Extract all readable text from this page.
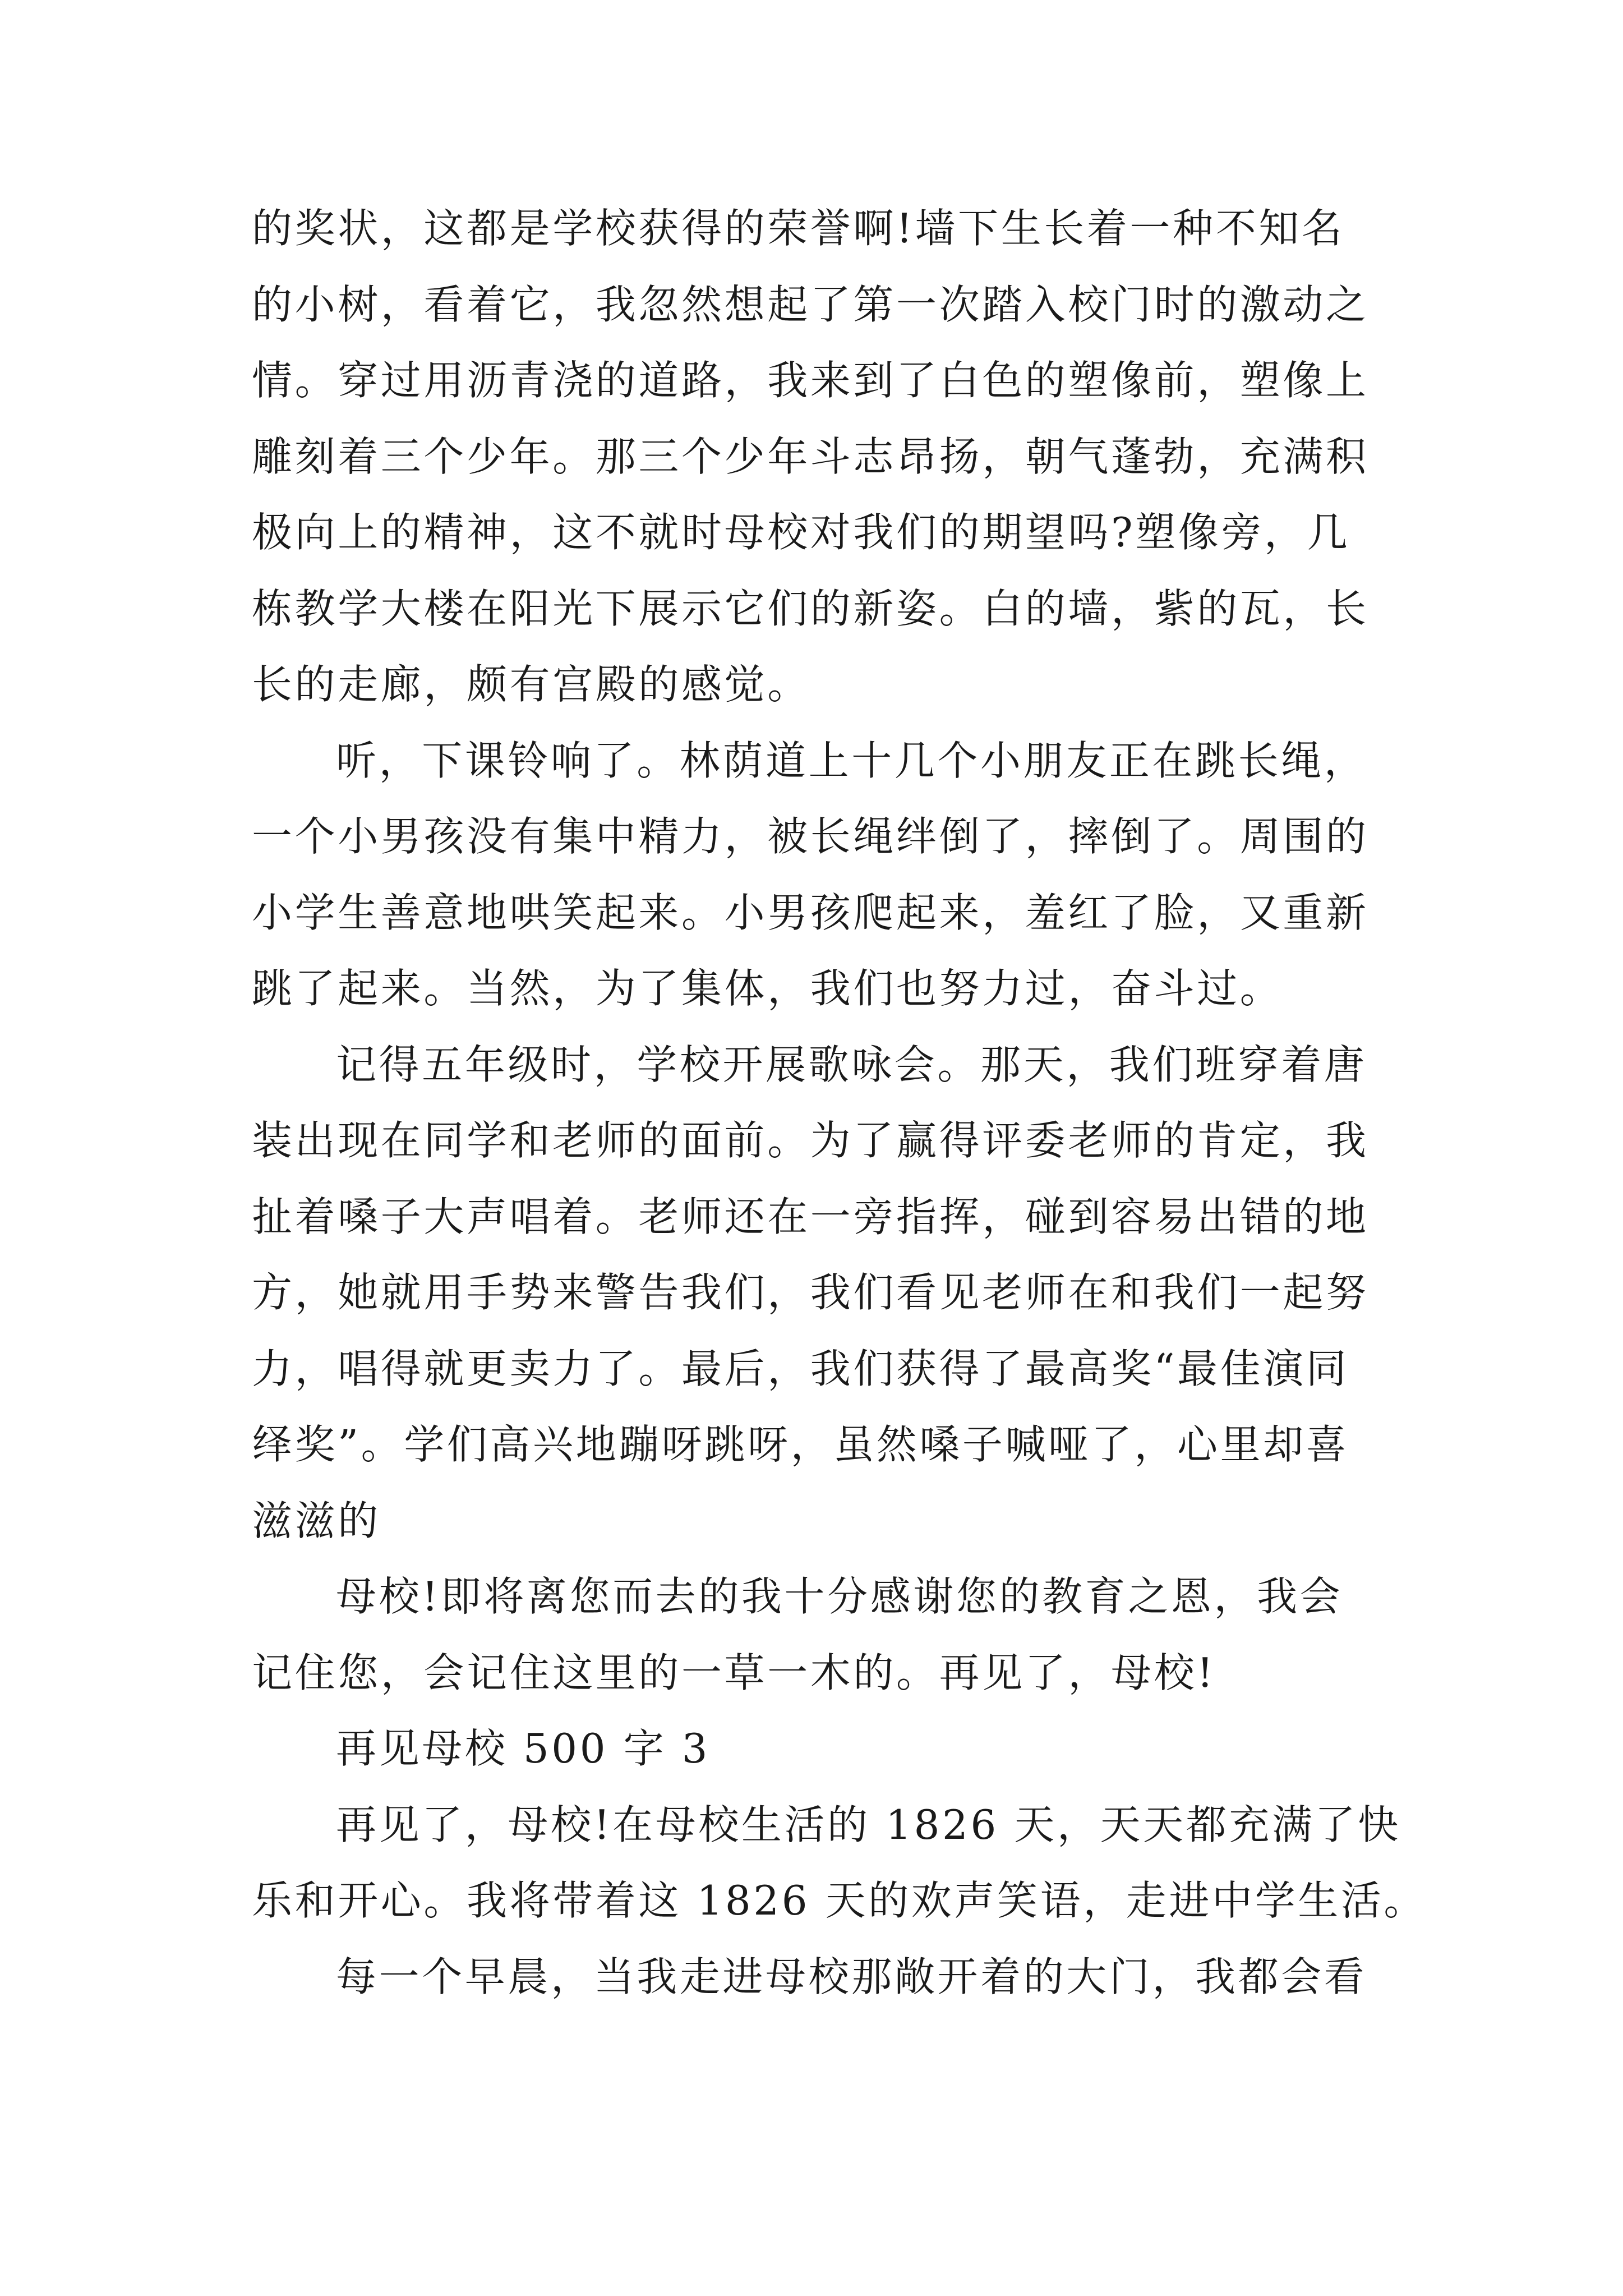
的奖状，这都是学校获得的荣誉啊!墙下生长着一种不知名
的小树，看着它，我忽然想起了第一次踏入校门时的激动之
情。穿过用沥青浇的道路，我来到了白色的塑像前，塑像上
雕刻着三个少年。那三个少年斗志昂扬，朝气蓬勃，充满积
极向上的精神，这不就时母校对我们的期望吗?塑像旁，几
栋教学大楼在阳光下展示它们的新姿。白的墙，紫的瓦，长
长的走廊，颇有宫殿的感觉。
听，下课铃响了。林荫道上十几个小朋友正在跳长绳，
一个小男孩没有集中精力，被长绳绊倒了，摔倒了。周围的
小学生善意地哄笑起来。小男孩爬起来，羞红了脸，又重新
跳了起来。当然，为了集体，我们也努力过，奋斗过。
记得五年级时，学校开展歌咏会。那天，我们班穿着唐
装出现在同学和老师的面前。为了赢得评委老师的肯定，我
扯着嗓子大声唱着。老师还在一旁指挥，碰到容易出错的地
方，她就用手势来警告我们，我们看见老师在和我们一起努
力，唱得就更卖力了。最后，我们获得了最高奖“最佳演同
绎奖”。学们高兴地蹦呀跳呀，虽然嗓子喊哑了，心里却喜
滋滋的
母校!即将离您而去的我十分感谢您的教育之恩，我会
记住您，会记住这里的一草一木的。再见了，母校!
再见母校 500 字 3
再见了，母校!在母校生活的 1826 天，天天都充满了快
乐和开心。我将带着这 1826 天的欢声笑语，走进中学生活。
每一个早晨，当我走进母校那敞开着的大门，我都会看
